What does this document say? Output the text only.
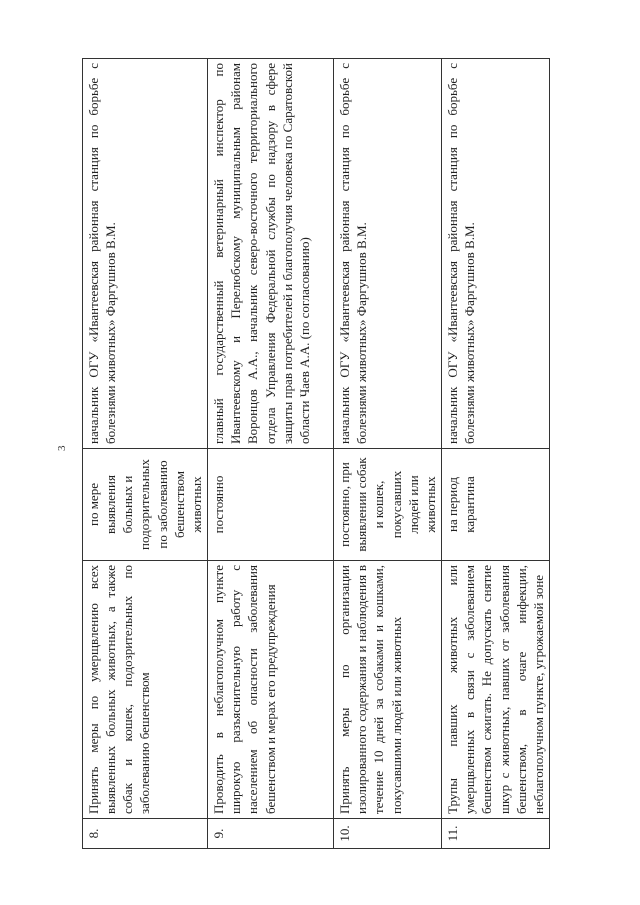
3
8.	Принять меры по умерщвлению всех выявленных больных животных, а также собак и кошек, подозрительных по заболеванию бешенством	по мере выявления больных и подозрительных по заболеванию бешенством животных	начальник ОГУ «Ивантеевская районная станция по борьбе с болезнями животных» Фаргушнов В.М.
9.	Проводить в неблагополучном пункте широкую разъяснительную работу с населением об опасности заболевания бешенством и мерах его предупреждения	постоянно	главный государственный ветеринарный инспектор по Ивантеевскому и Перелюбскому муниципальным районам Воронцов А.А., начальник северо-восточного территориального отдела Управления Федеральной службы по надзору в сфере защиты прав потребителей и благополучия человека по Саратовской области Чаев А.А. (по согласованию)
10.	Принять меры по организации изолированного содержания и наблюдения в течение 10 дней за собаками и кошками, покусавшими людей или животных	постоянно, при выявлении собак и кошек, покусавших людей или животных	начальник ОГУ «Ивантеевская районная станция по борьбе с болезнями животных» Фаргушнов В.М.
11.	Трупы павших животных или умерщвленных в связи с заболеванием бешенством сжигать. Не допускать снятие шкур с животных, павших от заболевания бешенством, в очаге инфекции, неблагополучном пункте, угрожаемой зоне	на период карантина	начальник ОГУ «Ивантеевская районная станция по борьбе с болезнями животных» Фаргушнов В.М.
